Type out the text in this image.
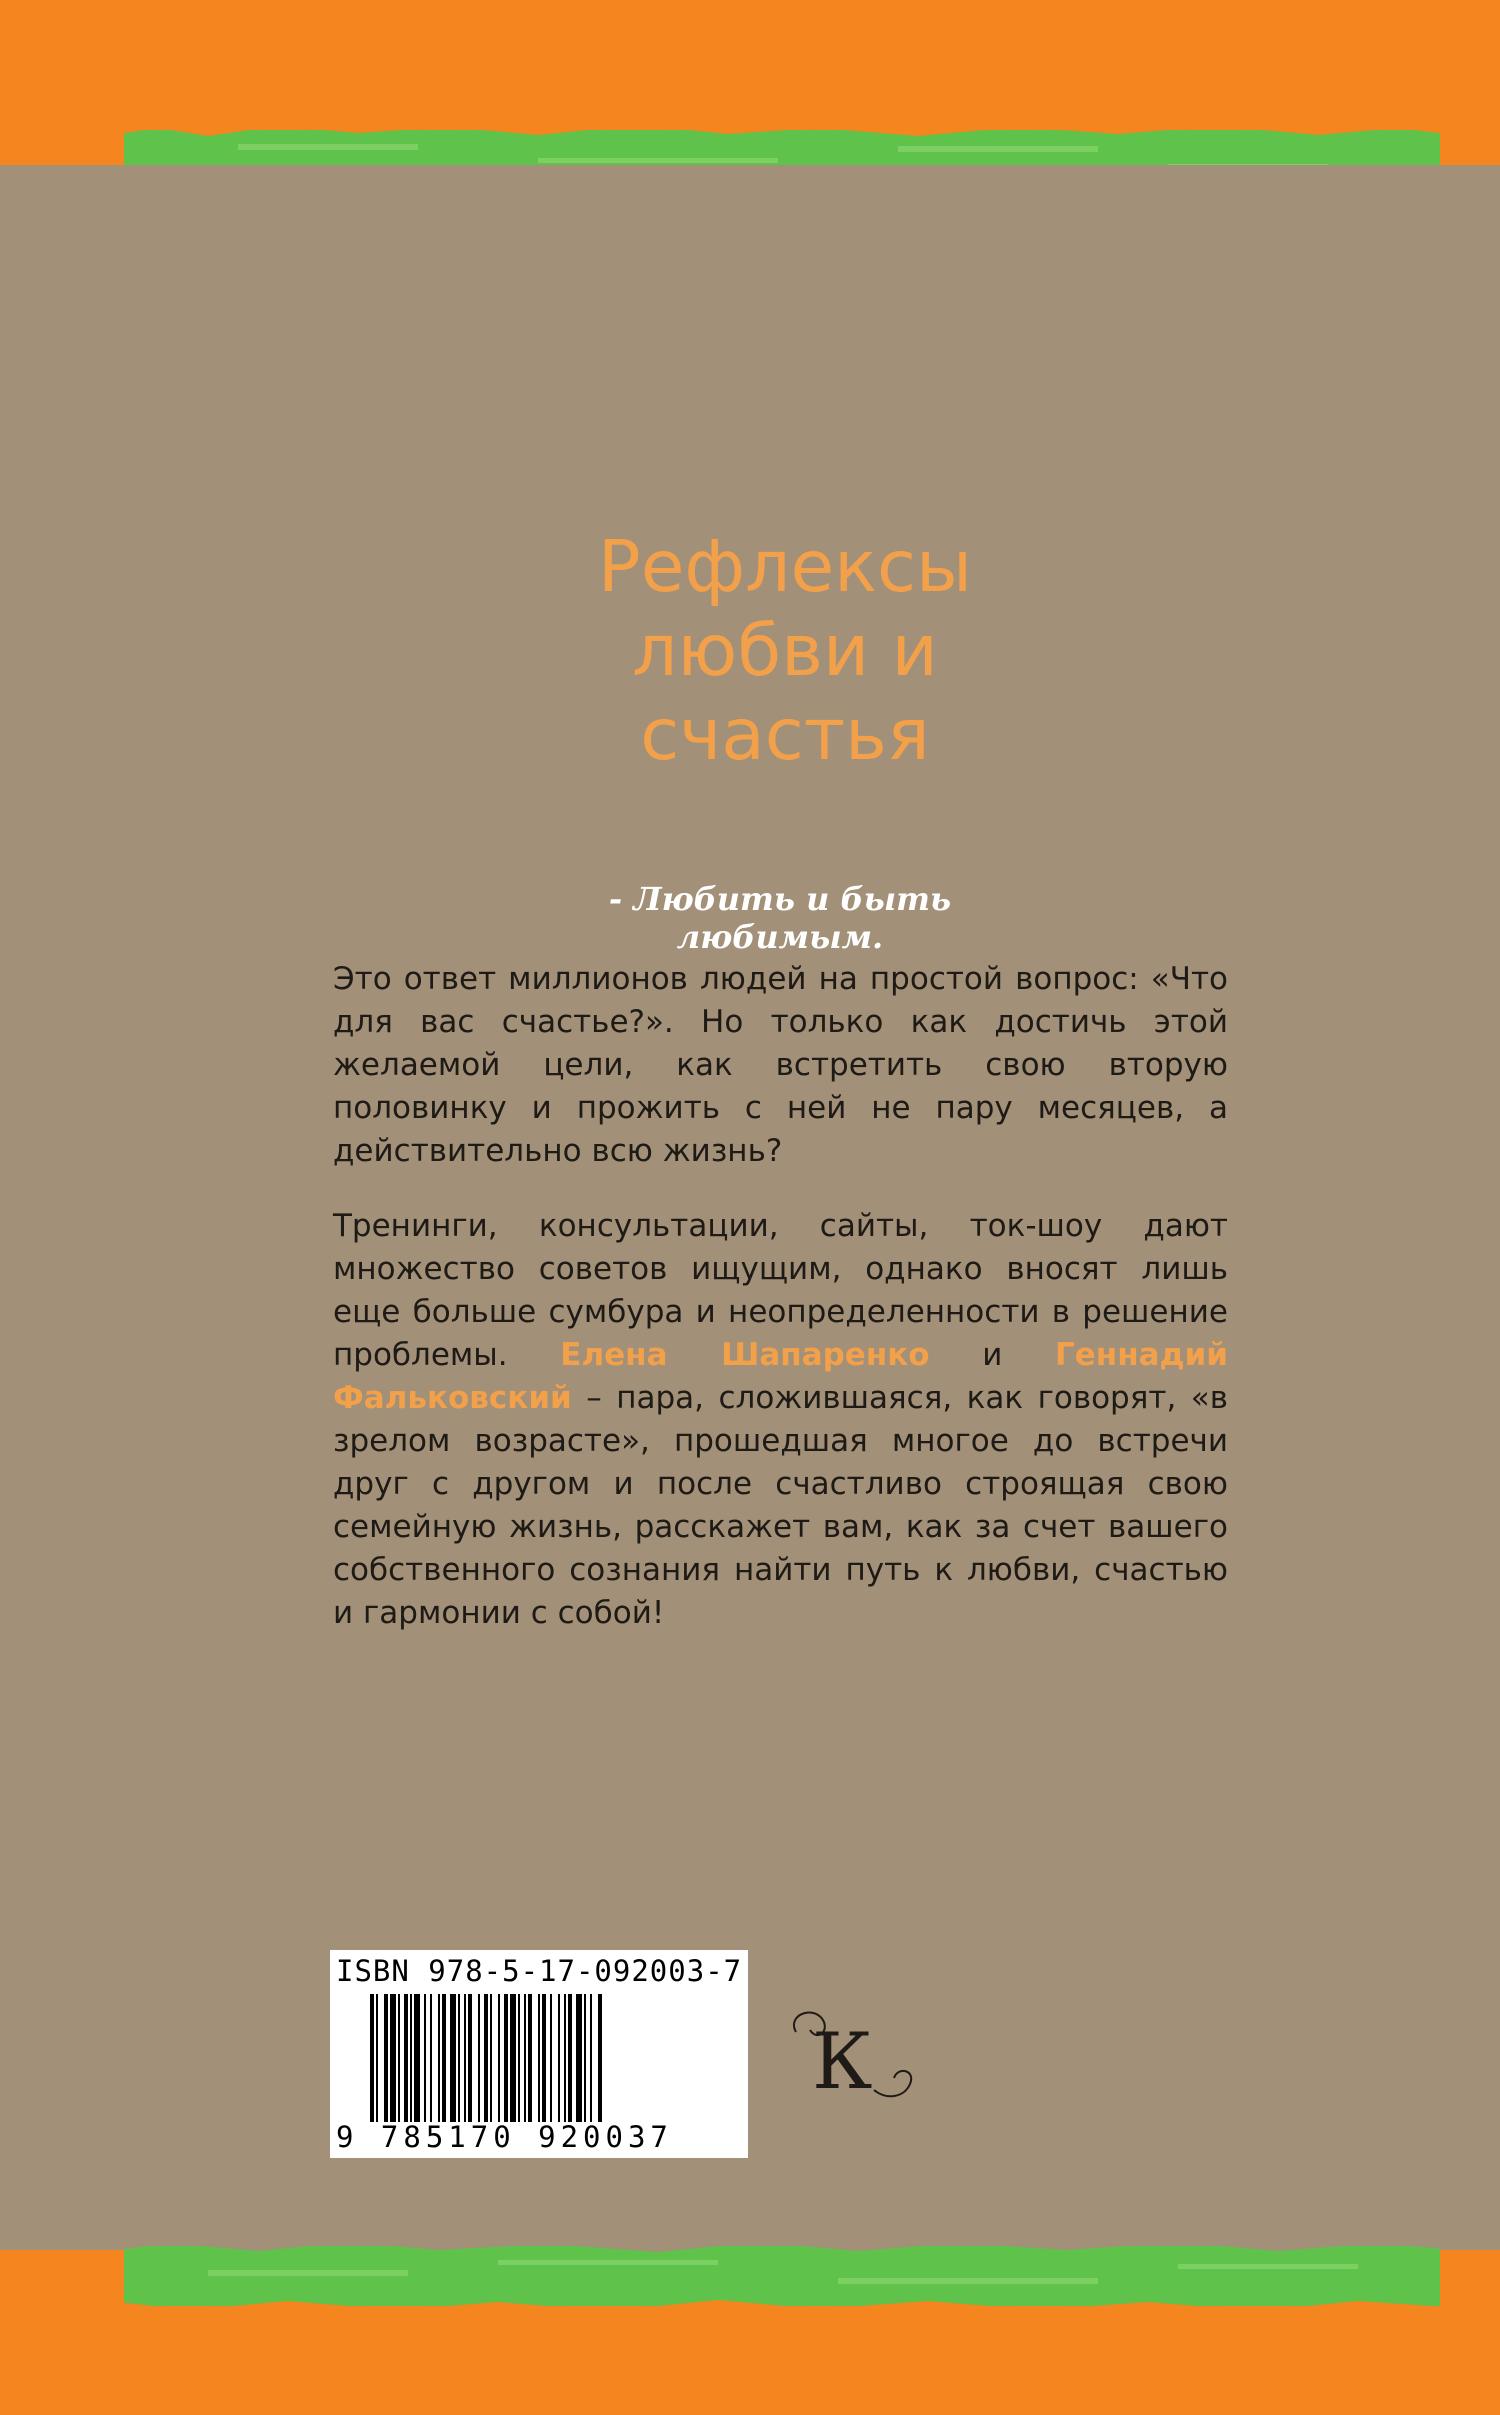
Рефлексы
любви и
счастья
- Любить и быть любимым.
Это ответ миллионов людей на простой вопрос: «Что для вас счастье?». Но только как достичь этой желаемой цели, как встретить свою вторую половинку и прожить с ней не пару месяцев, а действительно всю жизнь?
Тренинги, консультации, сайты, ток-шоу дают множество советов ищущим, однако вносят лишь еще больше сумбура и неопределенности в решение проблемы. Елена Шапаренко и Геннадий Фальковский – пара, сложившаяся, как говорят, «в зрелом возрасте», прошедшая многое до встречи друг с другом и после счастливо строящая свою семейную жизнь, расскажет вам, как за счет вашего собственного сознания найти путь к любви, счастью и гармонии с собой!
ISBN 978-5-17-092003-7
9 785170 920037
К
